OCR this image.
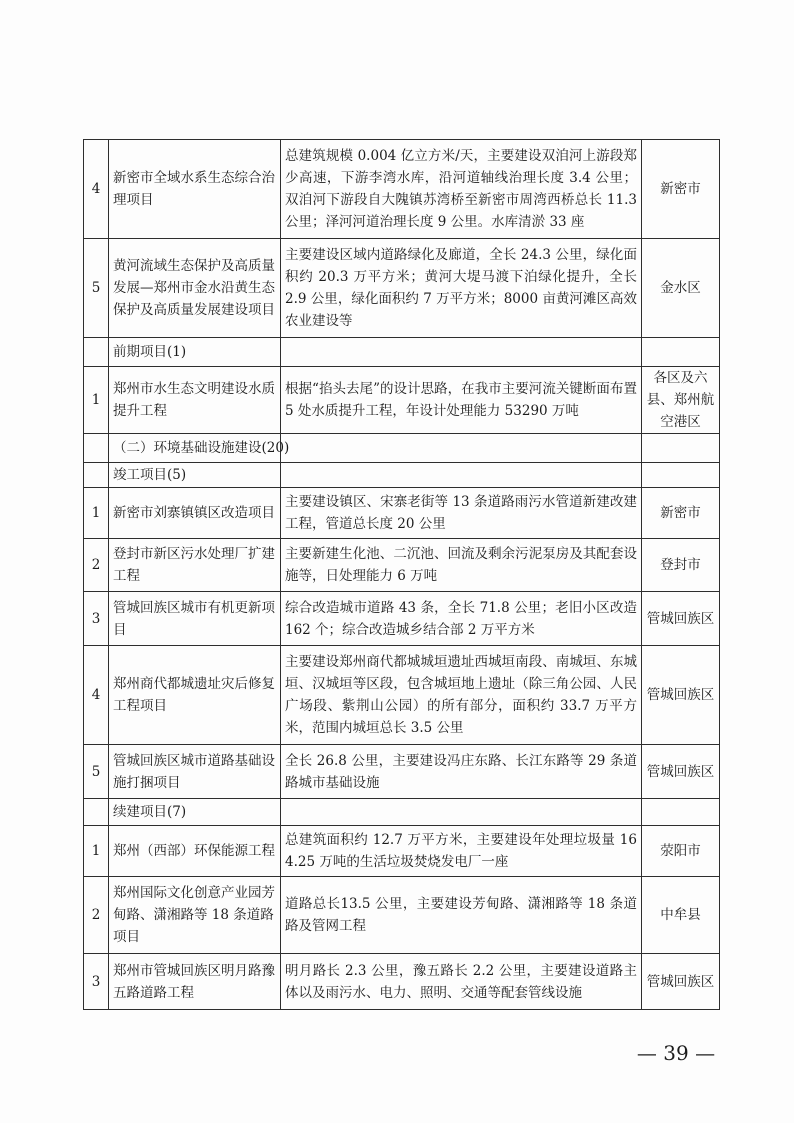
4	新密市全域水系生态综合治理项目	总建筑规模 0.004 亿立方米/天，主要建设双洎河上游段郑少高速，下游李湾水库，沿河道轴线治理长度 3.4 公里；双洎河下游段自大隗镇苏湾桥至新密市周湾西桥总长 11.3 公里；泽河河道治理长度 9 公里。水库清淤 33 座	新密市
5	黄河流域生态保护及高质量发展—郑州市金水沿黄生态保护及高质量发展建设项目	主要建设区域内道路绿化及廊道，全长 24.3 公里，绿化面积约 20.3 万平方米；黄河大堤马渡下泊绿化提升，全长 2.9 公里，绿化面积约 7 万平方米；8000 亩黄河滩区高效农业建设等	金水区
	前期项目(1)		
1	郑州市水生态文明建设水质提升工程	根据“掐头去尾”的设计思路，在我市主要河流关键断面布置 5 处水质提升工程，年设计处理能力 53290 万吨	各区及六县、郑州航空港区
	（二）环境基础设施建设(20)		
	竣工项目(5)		
1	新密市刘寨镇镇区改造项目	主要建设镇区、宋寨老街等 13 条道路雨污水管道新建改建工程，管道总长度 20 公里	新密市
2	登封市新区污水处理厂扩建工程	主要新建生化池、二沉池、回流及剩余污泥泵房及其配套设施等，日处理能力 6 万吨	登封市
3	管城回族区城市有机更新项目	综合改造城市道路 43 条，全长 71.8 公里；老旧小区改造 162 个；综合改造城乡结合部 2 万平方米	管城回族区
4	郑州商代都城遗址灾后修复工程项目	主要建设郑州商代都城城垣遗址西城垣南段、南城垣、东城垣、汉城垣等区段，包含城垣地上遗址（除三角公园、人民广场段、紫荆山公园）的所有部分，面积约 33.7 万平方米，范围内城垣总长 3.5 公里	管城回族区
5	管城回族区城市道路基础设施打捆项目	全长 26.8 公里，主要建设冯庄东路、长江东路等 29 条道路城市基础设施	管城回族区
	续建项目(7)		
1	郑州（西部）环保能源工程	总建筑面积约 12.7 万平方米，主要建设年处理垃圾量 164.25 万吨的生活垃圾焚烧发电厂一座	荥阳市
2	郑州国际文化创意产业园芳甸路、潇湘路等 18 条道路项目	道路总长13.5 公里，主要建设芳甸路、潇湘路等 18 条道路及管网工程	中牟县
3	郑州市管城回族区明月路豫五路道路工程	明月路长 2.3 公里，豫五路长 2.2 公里，主要建设道路主体以及雨污水、电力、照明、交通等配套管线设施	管城回族区
— 39 —
